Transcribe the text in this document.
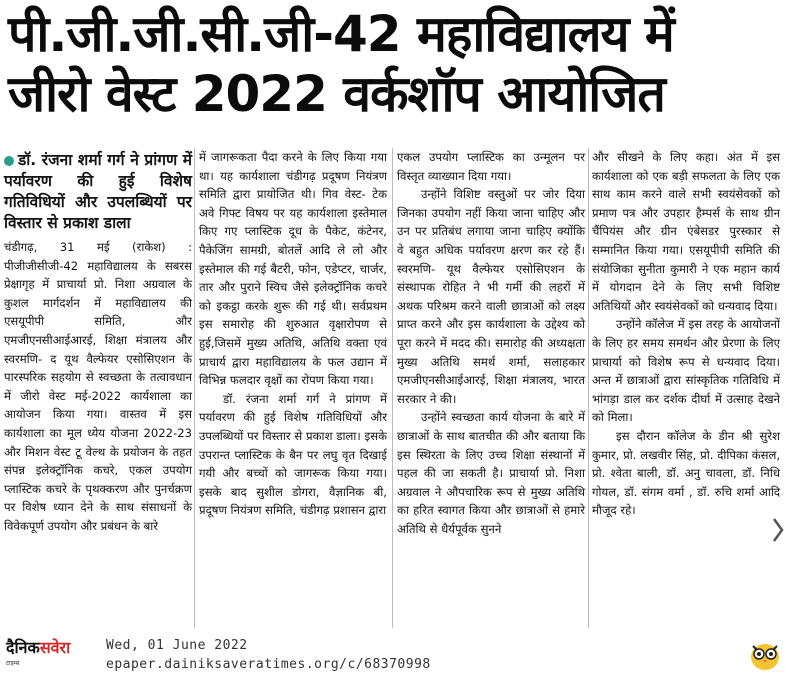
पी.जी.जी.सी.जी-42 महाविद्यालय में
जीरो वेस्ट 2022 वर्कशॉप आयोजित
डॉ. रंजना शर्मा गर्ग ने प्रांगण में पर्यावरण की हुई विशेष गतिविधियों और उपलब्धियों पर विस्तार से प्रकाश डाला

चंडीगढ़, 31 मई (राकेश) : पीजीजीसीजी-42 महाविद्यालय के सबरस प्रेक्षागृह में प्राचार्या प्रो. निशा अग्रवाल के कुशल मार्गदर्शन में महाविद्यालय की एसयूपीपी समिति, और एमजीएनसीआईआरई, शिक्षा मंत्रालय और स्वरमणि- द यूथ वैल्फेयर एसोसिएशन के पारस्परिक सहयोग से स्वच्छता के तत्वावधान में जीरो वेस्ट मई-2022 कार्यशाला का आयोजन किया गया। वास्तव में इस कार्यशाला का मूल ध्येय योजना 2022-23 और मिशन वेस्ट टू वेल्थ के प्रयोजन के तहत संपन्न इलेक्ट्रॉनिक कचरे, एकल उपयोग प्लास्टिक कचरे के पृथक्करण और पुनर्चक्रण पर विशेष ध्यान देने के साथ संसाधनों के विवेकपूर्ण उपयोग और प्रबंधन के बारे

में जागरूकता पैदा करने के लिए किया गया था। यह कार्यशाला चंडीगढ़ प्रदूषण नियंत्रण समिति द्वारा प्रायोजित थी। गिव वेस्ट- टेक अवे गिफ्ट विषय पर यह कार्यशाला इस्तेमाल किए गए प्लास्टिक दूध के पैकेट, कंटेनर, पैकेजिंग सामग्री, बोतलें आदि ले लो और इस्तेमाल की गई बैटरी, फोन, एडेप्टर, चार्जर, तार और पुराने स्विच जैसे इलेक्ट्रॉनिक कचरे को इकट्ठा करके शुरू की गई थी। सर्वप्रथम इस समारोह की शुरुआत वृक्षारोपण से हुई,जिसमें मुख्य अतिथि, अतिथि वक्ता एवं प्राचार्य द्वारा महाविद्यालय के फल उद्यान में विभिन्न फलदार वृक्षों का रोपण किया गया।

डॉ. रंजना शर्मा गर्ग ने प्रांगण में पर्यावरण की हुई विशेष गतिविधियों और उपलब्धियों पर विस्तार से प्रकाश डाला। इसके उपरान्त प्लास्टिक के बैन पर लघु वृत दिखाई गयी और बच्चों को जागरूक किया गया। इसके बाद सुशील डोगरा, वैज्ञानिक बी, प्रदूषण नियंत्रण समिति, चंडीगढ़ प्रशासन द्वारा

एकल उपयोग प्लास्टिक का उन्मूलन पर विस्तृत व्याख्यान दिया गया।

उन्होंने विशिष्ट वस्तुओं पर जोर दिया जिनका उपयोग नहीं किया जाना चाहिए और उन पर प्रतिबंध लगाया जाना चाहिए क्योंकि वे बहुत अधिक पर्यावरण क्षरण कर रहे हैं। स्वरमणि- यूथ वैल्फेयर एसोसिएशन के संस्थापक रोहित ने भी गर्मी की लहरों में अथक परिश्रम करने वाली छात्राओं को लक्ष्य प्राप्त करने और इस कार्यशाला के उद्देश्य को पूरा करने में मदद की। समारोह की अध्यक्षता मुख्य अतिथि समर्थ शर्मा, सलाहकार एमजीएनसीआईआरई, शिक्षा मंत्रालय, भारत सरकार ने की।

उन्होंने स्वच्छता कार्य योजना के बारे में छात्राओं के साथ बातचीत की और बताया कि इस स्थिरता के लिए उच्च शिक्षा संस्थानों में पहल की जा सकती है। प्राचार्या प्रो. निशा अग्रवाल ने औपचारिक रूप से मुख्य अतिथि का हरित स्वागत किया और छात्राओं से हमारे अतिथि से धैर्यपूर्वक सुनने

और सीखने के लिए कहा। अंत में इस कार्यशाला को एक बड़ी सफलता के लिए एक साथ काम करने वाले सभी स्वयंसेवकों को प्रमाण पत्र और उपहार हैम्पर्स के साथ ग्रीन चैंपियंस और ग्रीन एंबेसडर पुरस्कार से सम्मानित किया गया। एसयूपीपी समिति की संयोजिका सुनीता कुमारी ने एक महान कार्य में योगदान देने के लिए सभी विशिष्ट अतिथियों और स्वयंसेवकों को धन्यवाद दिया।

उन्होंने कॉलेज में इस तरह के आयोजनों के लिए हर समय समर्थन और प्रेरणा के लिए प्राचार्या को विशेष रूप से धन्यवाद दिया। अन्त में छात्राओं द्वारा सांस्कृतिक गतिविधि में भांगड़ा डाल कर दर्शक दीर्घा में उत्साह देखने को मिला।

इस दौरान कॉलेज के डीन श्री सुरेश कुमार, प्रो. लखवीर सिंह, प्रो. दीपिका कंसल, प्रो. श्वेता बाली, डॉ. अनु चावला, डॉ. निधि गोयल, डॉ. संगम वर्मा , डॉ. रुचि शर्मा आदि मौजूद रहे।

दैनिकसवेरा
टाइम्स
Wed, 01 June 2022
epaper.dainiksaveratimes.org/c/68370998
